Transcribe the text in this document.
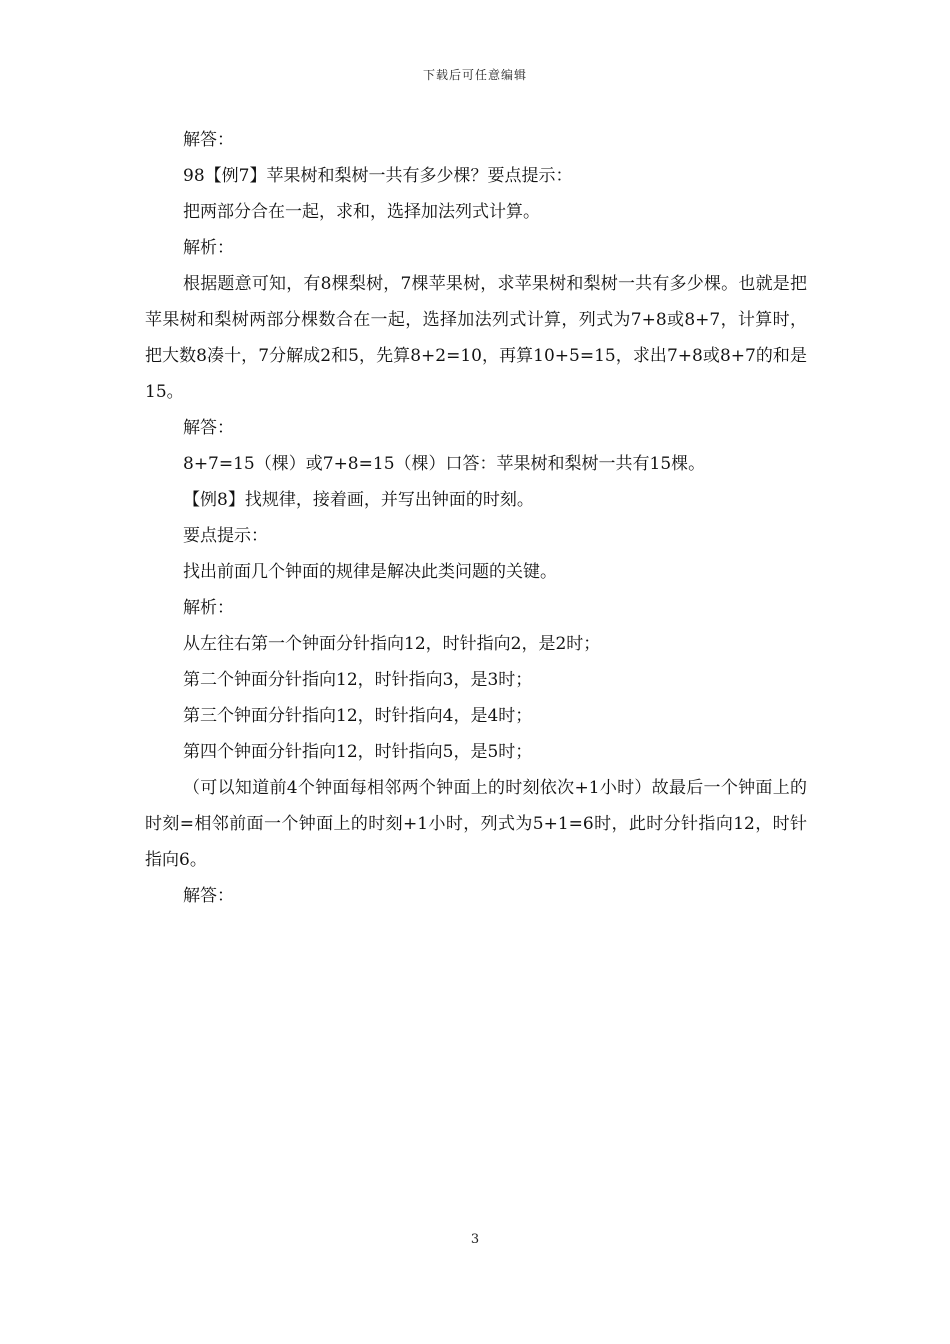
下载后可任意编辑

解答：

98【例7】苹果树和梨树一共有多少棵？要点提示：

把两部分合在一起，求和，选择加法列式计算。

解析：

根据题意可知，有8棵梨树，7棵苹果树，求苹果树和梨树一共有多少棵。也就是把苹果树和梨树两部分棵数合在一起，选择加法列式计算，列式为7+8或8+7，计算时，把大数8凑十，7分解成2和5，先算8+2=10，再算10+5=15，求出7+8或8+7的和是15。

解答：

8+7=15（棵）或7+8=15（棵）口答：苹果树和梨树一共有15棵。

【例8】找规律，接着画，并写出钟面的时刻。

要点提示：

找出前面几个钟面的规律是解决此类问题的关键。

解析：

从左往右第一个钟面分针指向12，时针指向2，是2时；

第二个钟面分针指向12，时针指向3，是3时；

第三个钟面分针指向12，时针指向4，是4时；

第四个钟面分针指向12，时针指向5，是5时；

（可以知道前4个钟面每相邻两个钟面上的时刻依次+1小时）故最后一个钟面上的时刻=相邻前面一个钟面上的时刻+1小时，列式为5+1=6时，此时分针指向12，时针指向6。

解答：

3
